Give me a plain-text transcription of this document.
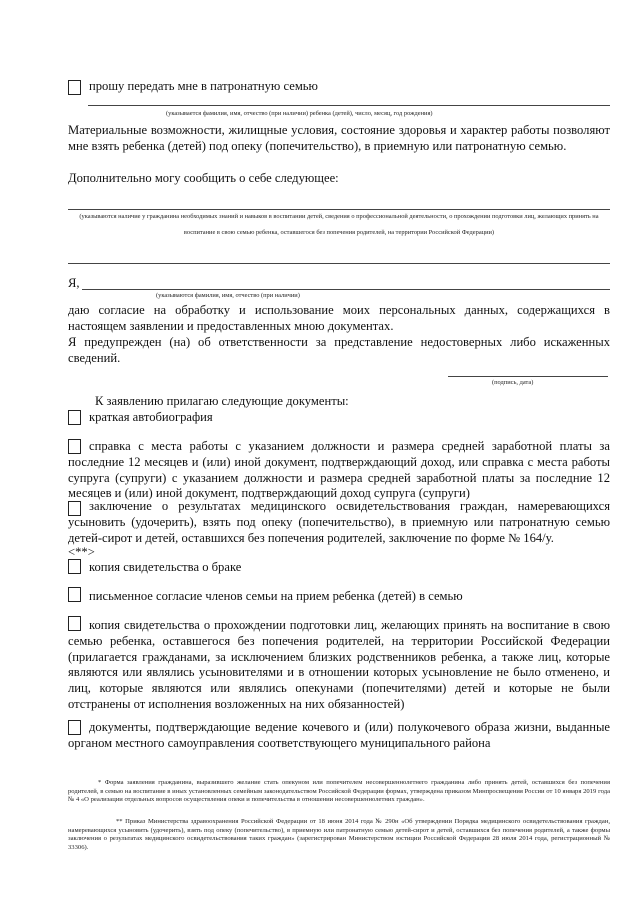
прошу передать мне в патронатную семью
(указывается фамилия, имя, отчество (при наличии) ребенка (детей), число, месяц, год рождения)
Материальные возможности, жилищные условия, состояние здоровья и характер работы позволяют мне взять ребенка (детей) под опеку (попечительство), в приемную или патронатную семью.
Дополнительно могу сообщить о себе следующее:
(указываются наличие у гражданина необходимых знаний и навыков в воспитании детей, сведения о профессиональной деятельности, о прохождении подготовки лиц, желающих принять на воспитание в свою семью ребенка, оставшегося без попечения родителей, на территории Российской Федерации)
Я,
(указываются фамилия, имя, отчество (при наличии)
даю согласие на обработку и использование моих персональных данных, содержащихся в настоящем заявлении и предоставленных мною документах.
Я предупрежден (на) об ответственности за представление недостоверных либо искаженных сведений.
(подпись, дата)
К заявлению прилагаю следующие документы:
краткая автобиография
справка с места работы с указанием должности и размера средней заработной платы за последние 12 месяцев и (или) иной документ, подтверждающий доход, или справка с места работы супруга (супруги) с указанием должности и размера средней заработной платы за последние 12 месяцев и (или) иной документ, подтверждающий доход супруга (супруги)
заключение о результатах медицинского освидетельствования граждан, намеревающихся усыновить (удочерить), взять под опеку (попечительство), в приемную или патронатную семью детей-сирот и детей, оставшихся без попечения родителей, заключение по форме № 164/у.
<**>
копия свидетельства о браке
письменное согласие членов семьи на прием ребенка (детей) в семью
копия свидетельства о прохождении подготовки лиц, желающих принять на воспитание в свою семью ребенка, оставшегося без попечения родителей, на территории Российской Федерации (прилагается гражданами, за исключением близких родственников ребенка, а также лиц, которые являются или являлись усыновителями и в отношении которых усыновление не было отменено, и лиц, которые являются или являлись опекунами (попечителями) детей и которые не были отстранены от исполнения возложенных на них обязанностей)
документы, подтверждающие ведение кочевого и (или) полукочевого образа жизни, выданные органом местного самоуправления соответствующего муниципального района
* Форма заявления гражданина, выразившего желание стать опекуном или попечителем несовершеннолетнего гражданина либо принять детей, оставшихся без попечения родителей, в семью на воспитание в иных установленных семейным законодательством Российской Федерации формах, утверждена приказом Минпросвещения России от 10 января 2019 года № 4 «О реализации отдельных вопросов осуществления опеки и попечительства в отношении несовершеннолетних граждан».
** Приказ Министерства здравоохранения Российской Федерации от 18 июня 2014 года № 290н «Об утверждении Порядка медицинского освидетельствования граждан, намеревающихся усыновить (удочерить), взять под опеку (попечительство), в приемную или патронатную семью детей-сирот и детей, оставшихся без попечения родителей, а также формы заключения о результатах медицинского освидетельствования таких граждан» (зарегистрирован Министерством юстиции Российской Федерации 28 июля 2014 года, регистрационный № 33306).
